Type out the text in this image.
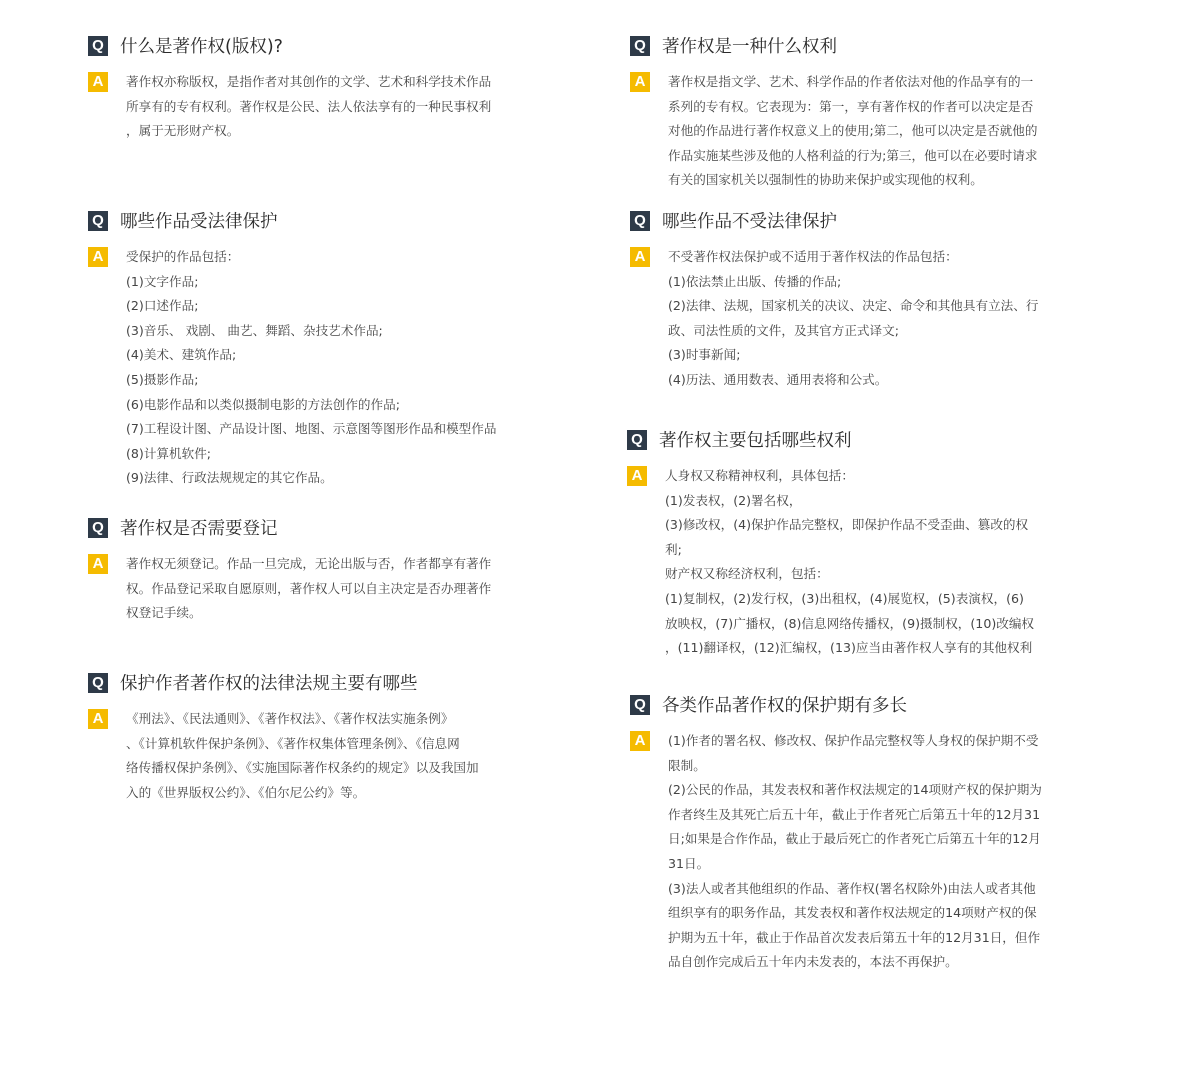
Q 什么是著作权(版权)?
A	著作权亦称版权，是指作者对其创作的文学、艺术和科学技术作品
所享有的专有权利。著作权是公民、法人依法享有的一种民事权利
，属于无形财产权。
Q 哪些作品受法律保护
A	受保护的作品包括：
(1)文字作品;
(2)口述作品;
(3)音乐、 戏剧、 曲艺、舞蹈、杂技艺术作品;
(4)美术、建筑作品;
(5)摄影作品;
(6)电影作品和以类似摄制电影的方法创作的作品;
(7)工程设计图、产品设计图、地图、示意图等图形作品和模型作品
(8)计算机软件;
(9)法律、行政法规规定的其它作品。
Q 著作权是否需要登记
A	著作权无须登记。作品一旦完成，无论出版与否，作者都享有著作
权。作品登记采取自愿原则，著作权人可以自主决定是否办理著作
权登记手续。
Q 保护作者著作权的法律法规主要有哪些
A	《刑法》、《民法通则》、《著作权法》、《著作权法实施条例》
、《计算机软件保护条例》、《著作权集体管理条例》、《信息网
络传播权保护条例》、《实施国际著作权条约的规定》以及我国加
入的《世界版权公约》、《伯尔尼公约》等。
Q 著作权是一种什么权利
A	著作权是指文学、艺术、科学作品的作者依法对他的作品享有的一
系列的专有权。它表现为：第一，享有著作权的作者可以决定是否
对他的作品进行著作权意义上的使用;第二，他可以决定是否就他的
作品实施某些涉及他的人格利益的行为;第三，他可以在必要时请求
有关的国家机关以强制性的协助来保护或实现他的权利。
Q 哪些作品不受法律保护
A	不受著作权法保护或不适用于著作权法的作品包括：
(1)依法禁止出版、传播的作品;
(2)法律、法规，国家机关的决议、决定、命令和其他具有立法、行
政、司法性质的文件，及其官方正式译文;
(3)时事新闻;
(4)历法、通用数表、通用表将和公式。
Q 著作权主要包括哪些权利
A	人身权又称精神权利，具体包括：
(1)发表权，(2)署名权，
(3)修改权，(4)保护作品完整权，即保护作品不受歪曲、篡改的权
利;
财产权又称经济权利，包括：
(1)复制权，(2)发行权，(3)出租权，(4)展览权，(5)表演权，(6)
放映权，(7)广播权，(8)信息网络传播权，(9)摄制权，(10)改编权
，(11)翻译权，(12)汇编权，(13)应当由著作权人享有的其他权利
Q 各类作品著作权的保护期有多长
A	(1)作者的署名权、修改权、保护作品完整权等人身权的保护期不受
限制。
(2)公民的作品，其发表权和著作权法规定的14项财产权的保护期为
作者终生及其死亡后五十年，截止于作者死亡后第五十年的12月31
日;如果是合作作品，截止于最后死亡的作者死亡后第五十年的12月
31日。
(3)法人或者其他组织的作品、著作权(署名权除外)由法人或者其他
组织享有的职务作品，其发表权和著作权法规定的14项财产权的保
护期为五十年，截止于作品首次发表后第五十年的12月31日，但作
品自创作完成后五十年内未发表的，本法不再保护。
